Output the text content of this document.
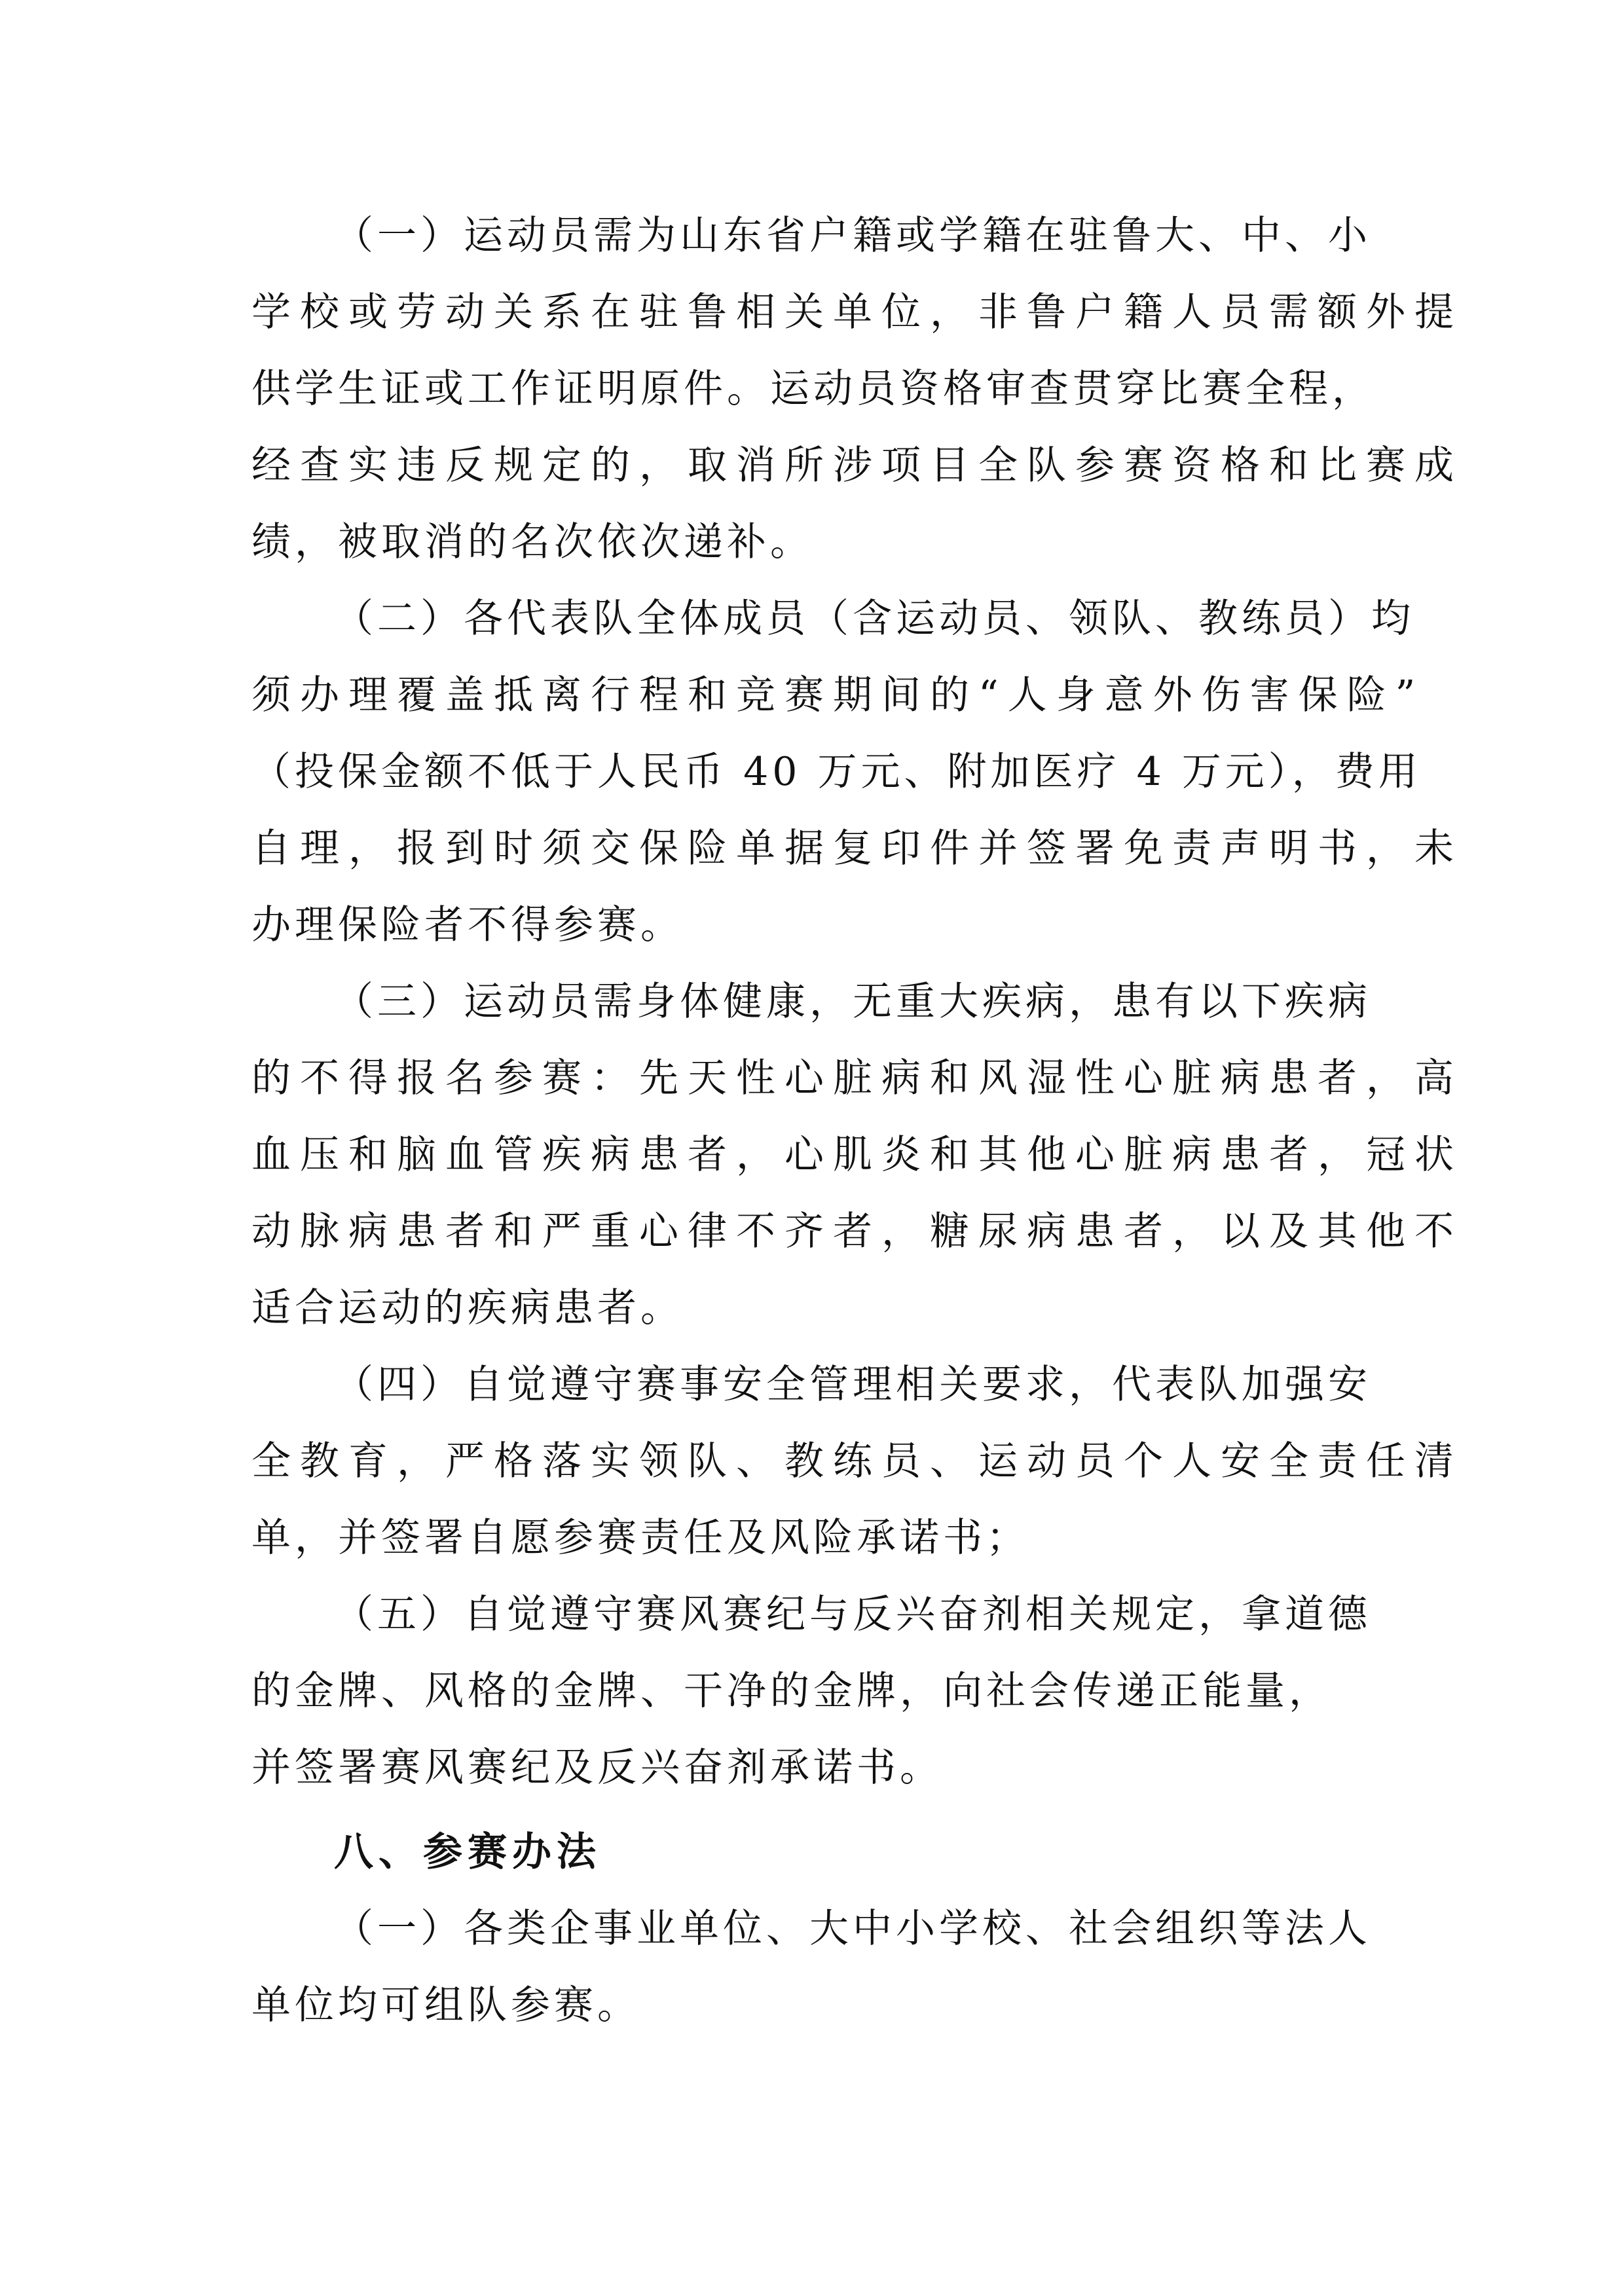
（一）运动员需为山东省户籍或学籍在驻鲁大、中、小
学校或劳动关系在驻鲁相关单位，非鲁户籍人员需额外提
供学生证或工作证明原件。运动员资格审查贯穿比赛全程，
经查实违反规定的，取消所涉项目全队参赛资格和比赛成
绩，被取消的名次依次递补。
（二）各代表队全体成员（含运动员、领队、教练员）均
须办理覆盖抵离行程和竞赛期间的“人身意外伤害保险”
（投保金额不低于人民币 40 万元、附加医疗 4 万元），费用
自理，报到时须交保险单据复印件并签署免责声明书，未
办理保险者不得参赛。
（三）运动员需身体健康，无重大疾病，患有以下疾病
的不得报名参赛：先天性心脏病和风湿性心脏病患者，高
血压和脑血管疾病患者，心肌炎和其他心脏病患者，冠状
动脉病患者和严重心律不齐者，糖尿病患者，以及其他不
适合运动的疾病患者。
（四）自觉遵守赛事安全管理相关要求，代表队加强安
全教育，严格落实领队、教练员、运动员个人安全责任清
单，并签署自愿参赛责任及风险承诺书；
（五）自觉遵守赛风赛纪与反兴奋剂相关规定，拿道德
的金牌、风格的金牌、干净的金牌，向社会传递正能量，
并签署赛风赛纪及反兴奋剂承诺书。
八、参赛办法
（一）各类企事业单位、大中小学校、社会组织等法人
单位均可组队参赛。
